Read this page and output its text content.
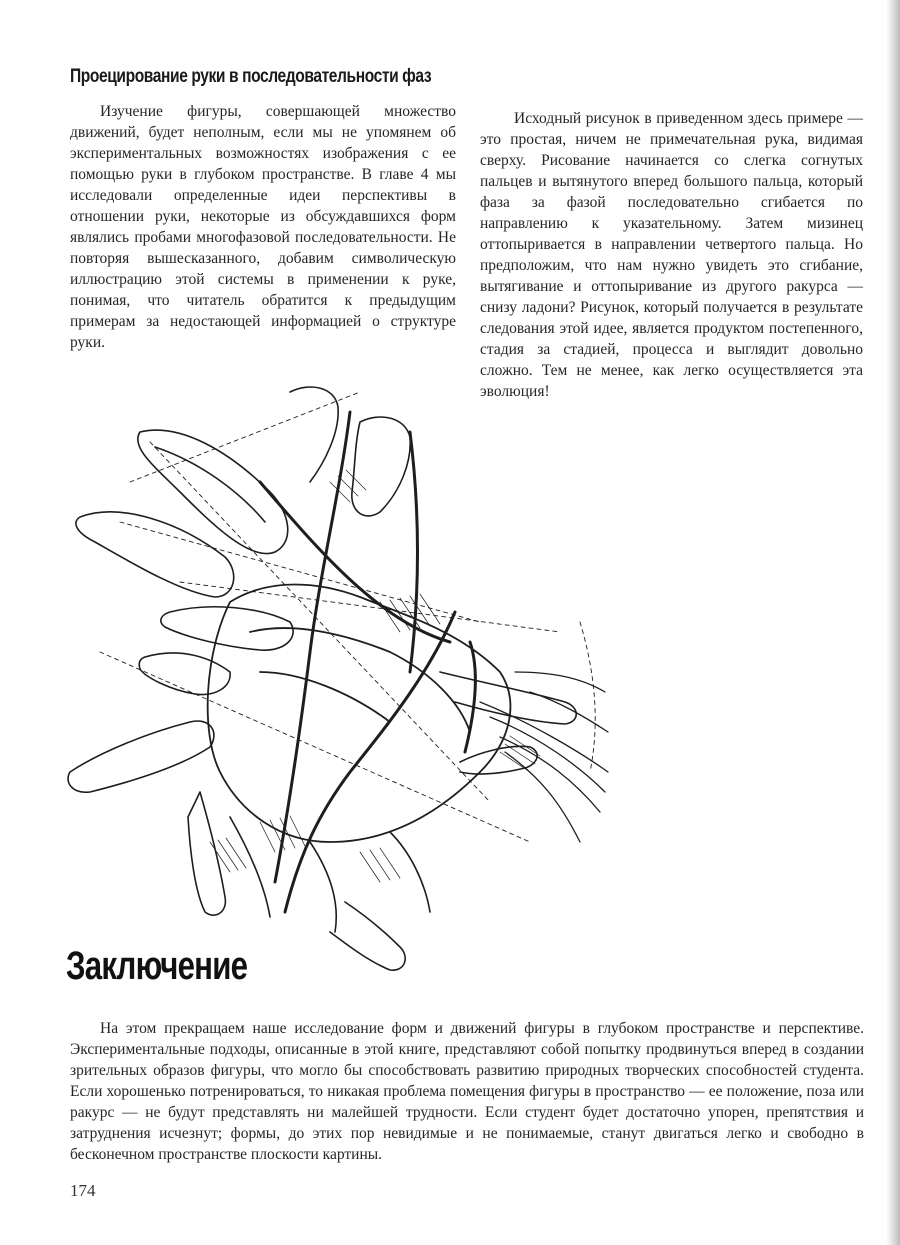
Проецирование руки в последовательности фаз

Изучение фигуры, совершающей множество движений, будет неполным, если мы не упомянем об экспериментальных возможностях изображения с ее помощью руки в глубоком пространстве. В главе 4 мы исследовали определенные идеи перспективы в отношении руки, некоторые из обсуждавшихся форм являлись пробами многофазовой последовательности. Не повторяя вышесказанного, добавим символическую иллюстрацию этой системы в применении к руке, понимая, что читатель обратится к предыдущим примерам за недостающей информацией о структуре руки.

Исходный рисунок в приведенном здесь примере — это простая, ничем не примечательная рука, видимая сверху. Рисование начинается со слегка согнутых пальцев и вытянутого вперед большого пальца, который фаза за фазой последовательно сгибается по направлению к указательному. Затем мизинец оттопыривается в направлении четвертого пальца. Но предположим, что нам нужно увидеть это сгибание, вытягивание и оттопыривание из другого ракурса — снизу ладони? Рисунок, который получается в результате следования этой идее, является продуктом постепенного, стадия за стадией, процесса и выглядит довольно сложно. Тем не менее, как легко осуществляется эта эволюция!

Заключение

На этом прекращаем наше исследование форм и движений фигуры в глубоком пространстве и перспективе. Экспериментальные подходы, описанные в этой книге, представляют собой попытку продвинуться вперед в создании зрительных образов фигуры, что могло бы способствовать развитию природных творческих способностей студента. Если хорошенько потренироваться, то никакая проблема помещения фигуры в пространство — ее положение, поза или ракурс — не будут представлять ни малейшей трудности. Если студент будет достаточно упорен, препятствия и затруднения исчезнут; формы, до этих пор невидимые и не понимаемые, станут двигаться легко и свободно в бесконечном пространстве плоскости картины.

174
